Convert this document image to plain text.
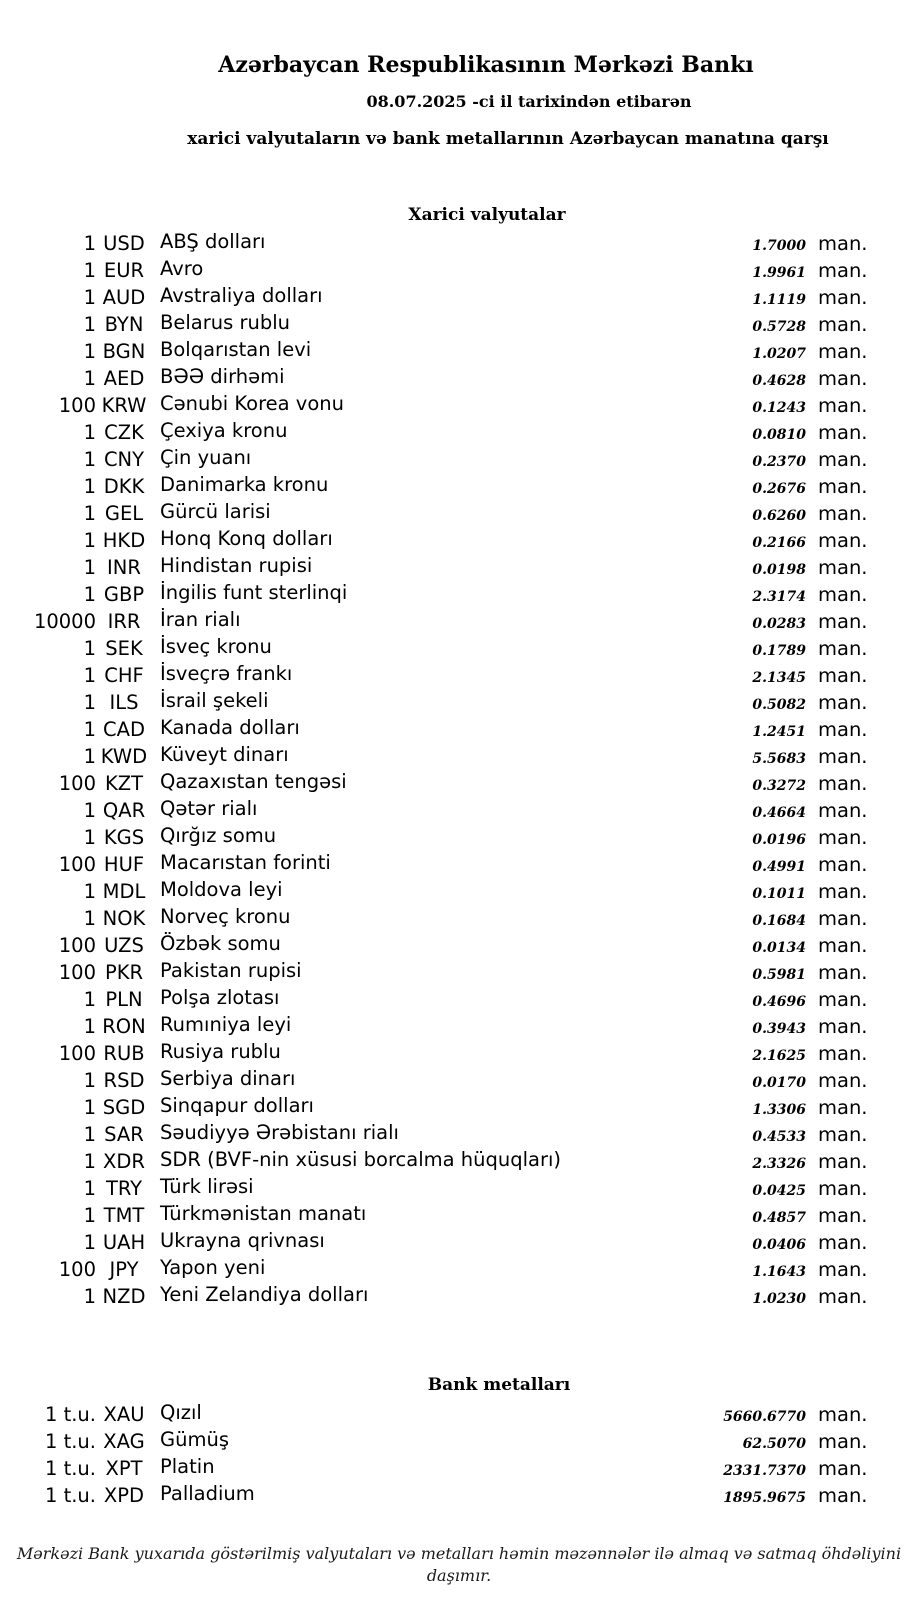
Azərbaycan Respublikasının Mərkəzi Bankı
08.07.2025 -ci il tarixindən etibarən
xarici valyutaların və bank metallarının Azərbaycan manatına qarşı
Xarici valyutalar
1 USD ABŞ dolları	1.7000 man.
1 EUR Avro	1.9961 man.
1 AUD Avstraliya dolları	1.1119 man.
1 BYN Belarus rublu	0.5728 man.
1 BGN Bolqarıstan levi	1.0207 man.
1 AED BƏƏ dirhəmi	0.4628 man.
100 KRW Cənubi Korea vonu	0.1243 man.
1 CZK Çexiya kronu	0.0810 man.
1 CNY Çin yuanı	0.2370 man.
1 DKK Danimarka kronu	0.2676 man.
1 GEL Gürcü larisi	0.6260 man.
1 HKD Honq Konq dolları	0.2166 man.
1 INR Hindistan rupisi	0.0198 man.
1 GBP İngilis funt sterlinqi	2.3174 man.
10000 IRR	İran rialı	0.0283 man.
1 SEK İsveç kronu	0.1789 man.
1 CHF İsveçrə frankı	2.1345 man.
1 ILS	İsrail şekeli	0.5082 man.
1 CAD Kanada dolları	1.2451 man.
1 KWD Küveyt dinarı	5.5683 man.
100 KZT Qazaxıstan tengəsi	0.3272 man.
1 QAR Qətər rialı	0.4664 man.
1 KGS Qırğız somu	0.0196 man.
100 HUF Macarıstan forinti	0.4991 man.
1 MDL Moldova leyi	0.1011 man.
1 NOK Norveç kronu	0.1684 man.
100 UZS Özbək somu	0.0134 man.
100 PKR Pakistan rupisi	0.5981 man.
1 PLN Polşa zlotası	0.4696 man.
1 RON Rumıniya leyi	0.3943 man.
100 RUB Rusiya rublu	2.1625 man.
1 RSD Serbiya dinarı	0.0170 man.
1 SGD Sinqapur dolları	1.3306 man.
1 SAR Səudiyyə Ərəbistanı rialı	0.4533 man.
1 XDR SDR (BVF-nin xüsusi borcalma hüquqları)	2.3326 man.
1 TRY Türk lirəsi	0.0425 man.
1 TMT Türkmənistan manatı	0.4857 man.
1 UAH Ukrayna qrivnası	0.0406 man.
100 JPY	Yapon yeni	1.1643 man.
1 NZD Yeni Zelandiya dolları	1.0230 man.
Bank metalları
1 t.u. XAU Qızıl	5660.6770 man.
1 t.u. XAG Gümüş	62.5070 man.
1 t.u. XPT Platin	2331.7370 man.
1 t.u. XPD Palladium	1895.9675 man.
Mərkəzi Bank yuxarıda göstərilmiş valyutaları və metalları həmin məzənnələr ilə almaq və satmaq öhdəliyini daşımır.
